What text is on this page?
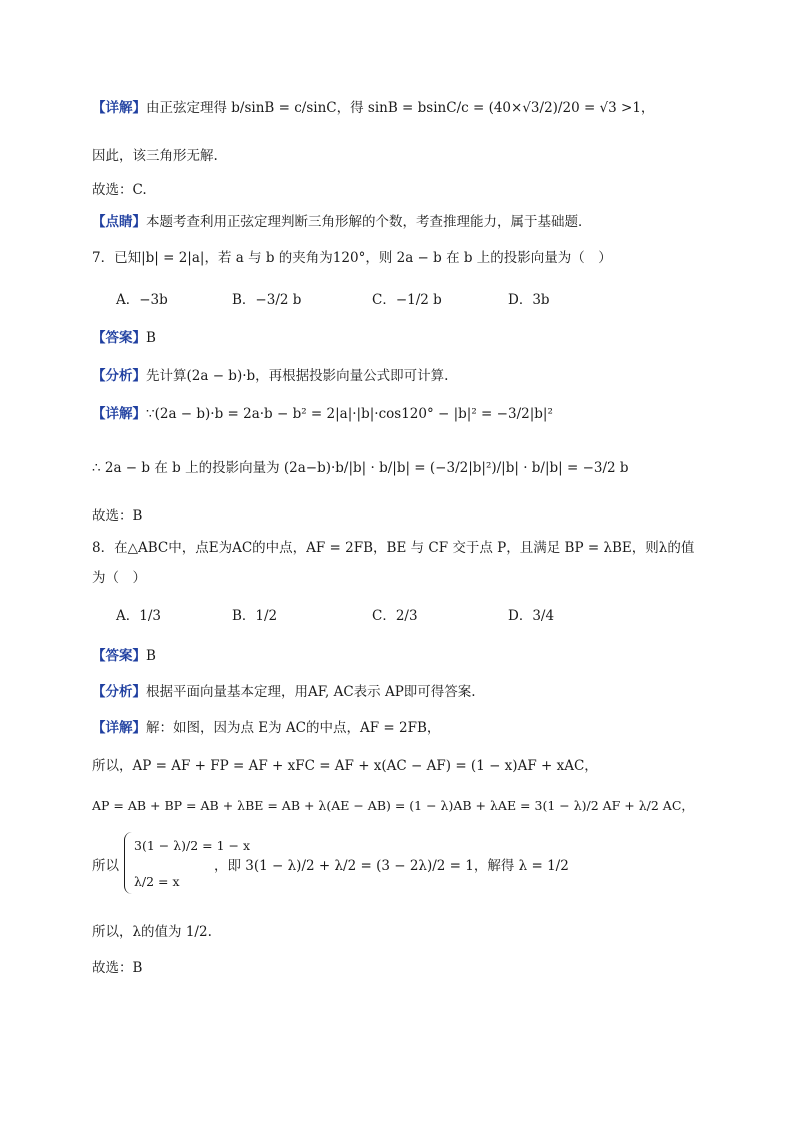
【详解】由正弦定理得 b/sinB = c/sinC，得 sinB = bsinC/c = (40×√3/2)/20 = √3 >1，
因此，该三角形无解.
故选：C.
【点睛】本题考查利用正弦定理判断三角形解的个数，考查推理能力，属于基础题．
7．已知|b| = 2|a|，若 a 与 b 的夹角为120°，则 2a − b 在 b 上的投影向量为（　）
A．−3b	B．−3/2 b	C．−1/2 b	D．3b
【答案】B
【分析】先计算(2a − b)·b，再根据投影向量公式即可计算.
【详解】∵(2a − b)·b = 2a·b − b² = 2|a|·|b|·cos120° − |b|² = −3/2|b|²
∴ 2a − b 在 b 上的投影向量为 (2a−b)·b/|b| · b/|b| = (−3/2|b|²)/|b| · b/|b| = −3/2 b
故选：B
8．在△ABC中，点E为AC的中点，AF = 2FB，BE 与 CF 交于点 P，且满足 BP = λBE，则λ的值
为（　）
A．1/3	B．1/2	C．2/3	D．3/4
【答案】B
【分析】根据平面向量基本定理，用AF, AC表示 AP即可得答案.
【详解】解：如图，因为点 E为 AC的中点，AF = 2FB，
所以，AP = AF + FP = AF + xFC = AF + x(AC − AF) = (1 − x)AF + xAC，
AP = AB + BP = AB + λBE = AB + λ(AE − AB) = (1 − λ)AB + λAE = 3(1 − λ)/2 AF + λ/2 AC，
所以
3(1 − λ)/2 = 1 − x
λ/2 = x
，即 3(1 − λ)/2 + λ/2 = (3 − 2λ)/2 = 1，解得 λ = 1/2
所以，λ的值为 1/2.
故选：B
